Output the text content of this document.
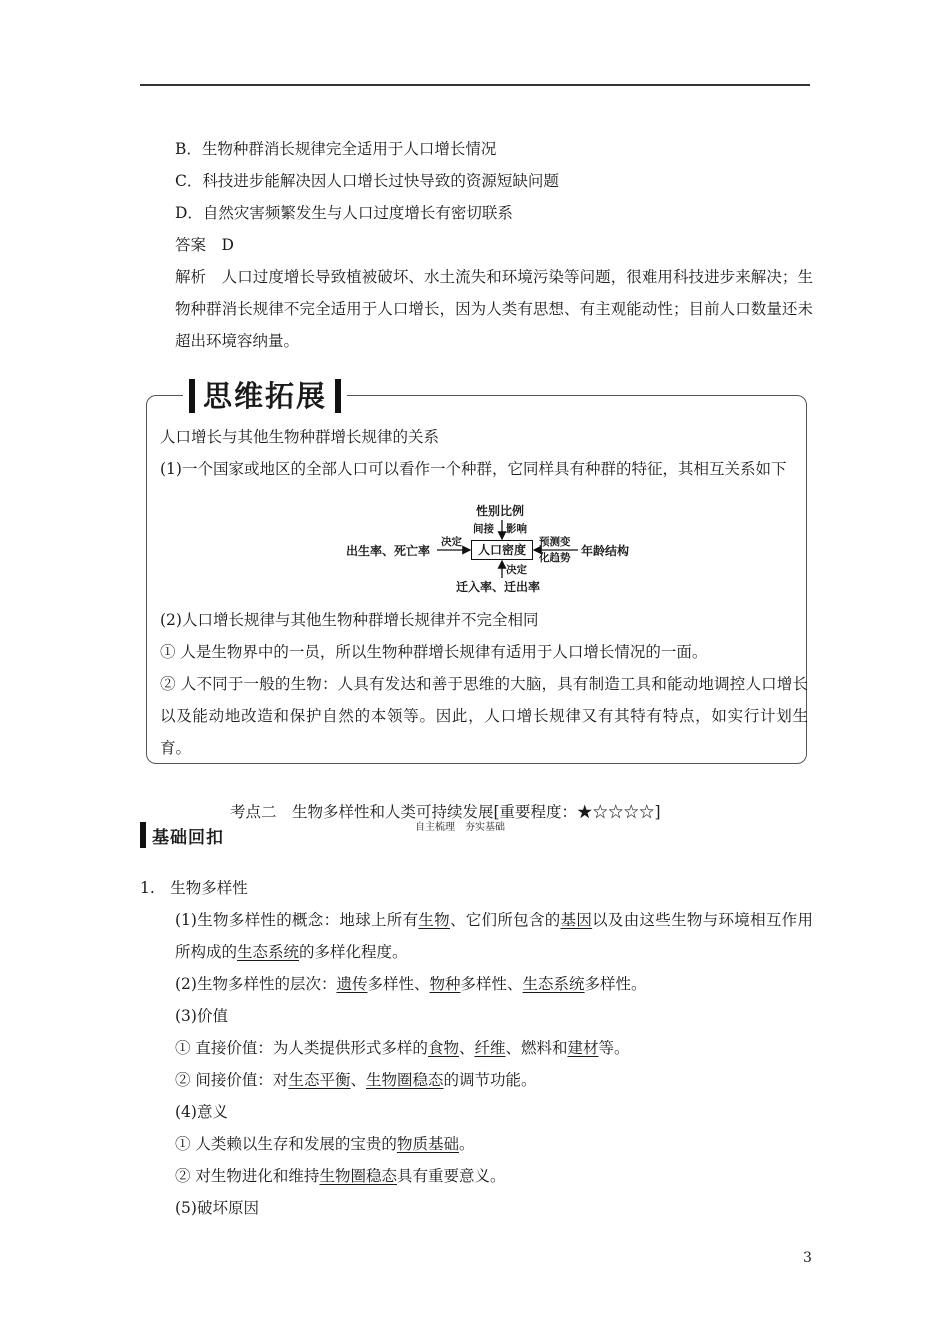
B．生物种群消长规律完全适用于人口增长情况
C．科技进步能解决因人口增长过快导致的资源短缺问题
D．自然灾害频繁发生与人口过度增长有密切联系
答案　D
解析　人口过度增长导致植被破坏、水土流失和环境污染等问题，很难用科技进步来解决；生物种群消长规律不完全适用于人口增长，因为人类有思想、有主观能动性；目前人口数量还未超出环境容纳量。
思维拓展
人口增长与其他生物种群增长规律的关系
(1)一个国家或地区的全部人口可以看作一个种群，它同样具有种群的特征，其相互关系如下
性别比例
间接 影响
出生率、死亡率
决定
人口密度
预测变
化趋势 年龄结构
决定
迁入率、迁出率
(2)人口增长规律与其他生物种群增长规律并不完全相同
① 人是生物界中的一员，所以生物种群增长规律有适用于人口增长情况的一面。
② 人不同于一般的生物：人具有发达和善于思维的大脑，具有制造工具和能动地调控人口增长以及能动地改造和保护自然的本领等。因此，人口增长规律又有其特有特点，如实行计划生育。
考点二　生物多样性和人类可持续发展[重要程度：★☆☆☆☆]
自主梳理　夯实基础
基础回扣
1.　生物多样性
(1)生物多样性的概念：地球上所有生物、它们所包含的基因以及由这些生物与环境相互作用所构成的生态系统的多样化程度。
(2)生物多样性的层次：遗传多样性、物种多样性、生态系统多样性。
(3)价值
① 直接价值：为人类提供形式多样的食物、纤维、燃料和建材等。
② 间接价值：对生态平衡、生物圈稳态的调节功能。
(4)意义
① 人类赖以生存和发展的宝贵的物质基础。
② 对生物进化和维持生物圈稳态具有重要意义。
(5)破坏原因
3
